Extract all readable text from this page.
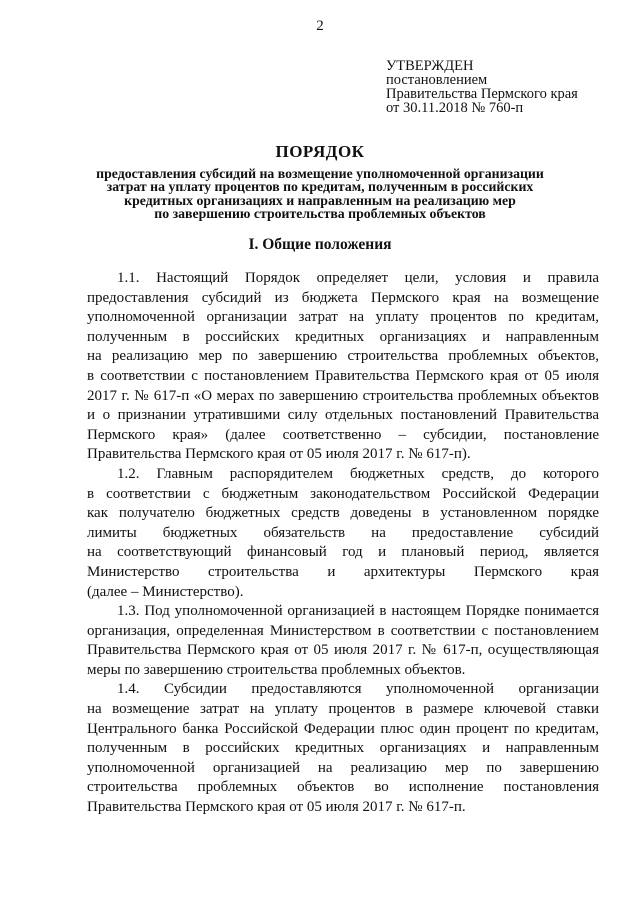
2
УТВЕРЖДЕН
постановлением
Правительства Пермского края
от 30.11.2018 № 760-п
ПОРЯДОК
предоставления субсидий на возмещение уполномоченной организации
затрат на уплату процентов по кредитам, полученным в российских
кредитных организациях и направленным на реализацию мер
по завершению строительства проблемных объектов
I. Общие положения
1.1. Настоящий Порядок определяет цели, условия и правила
предоставления субсидий из бюджета Пермского края на возмещение
уполномоченной организации затрат на уплату процентов по кредитам,
полученным в российских кредитных организациях и направленным
на реализацию мер по завершению строительства проблемных объектов,
в соответствии с постановлением Правительства Пермского края от 05 июля
2017 г. № 617-п «О мерах по завершению строительства проблемных объектов
и о признании утратившими силу отдельных постановлений Правительства
Пермского края» (далее соответственно – субсидии, постановление
Правительства Пермского края от 05 июля 2017 г. № 617-п).
1.2. Главным распорядителем бюджетных средств, до которого
в соответствии с бюджетным законодательством Российской Федерации
как получателю бюджетных средств доведены в установленном порядке
лимиты бюджетных обязательств на предоставление субсидий
на соответствующий финансовый год и плановый период, является
Министерство строительства и архитектуры Пермского края
(далее – Министерство).
1.3. Под уполномоченной организацией в настоящем Порядке понимается
организация, определенная Министерством в соответствии с постановлением
Правительства Пермского края от 05 июля 2017 г. № 617-п, осуществляющая
меры по завершению строительства проблемных объектов.
1.4. Субсидии предоставляются уполномоченной организации
на возмещение затрат на уплату процентов в размере ключевой ставки
Центрального банка Российской Федерации плюс один процент по кредитам,
полученным в российских кредитных организациях и направленным
уполномоченной организацией на реализацию мер по завершению
строительства проблемных объектов во исполнение постановления
Правительства Пермского края от 05 июля 2017 г. № 617-п.
